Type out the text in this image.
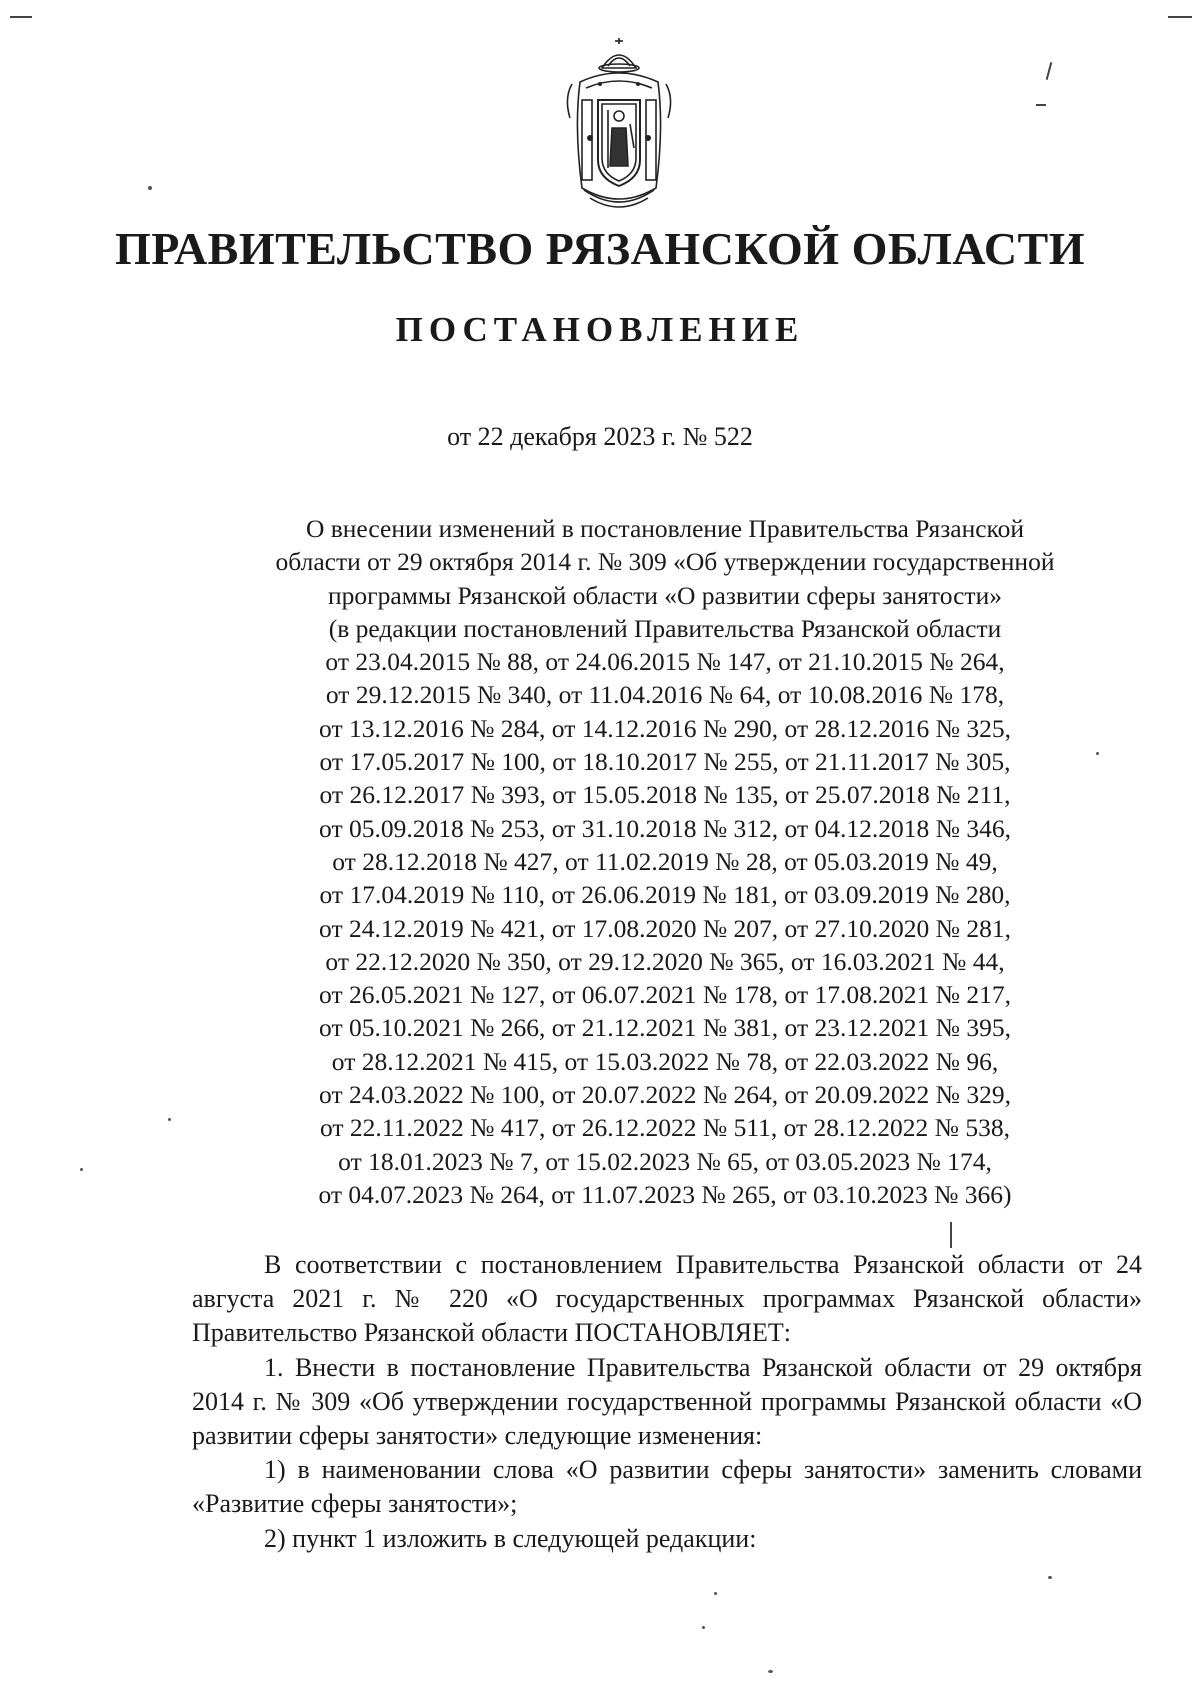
ПРАВИТЕЛЬСТВО РЯЗАНСКОЙ ОБЛАСТИ
ПОСТАНОВЛЕНИЕ
от 22 декабря 2023 г. № 522
О внесении изменений в постановление Правительства Рязанской
области от 29 октября 2014 г. № 309 «Об утверждении государственной
программы Рязанской области «О развитии сферы занятости»
(в редакции постановлений Правительства Рязанской области
от 23.04.2015 № 88, от 24.06.2015 № 147, от 21.10.2015 № 264,
от 29.12.2015 № 340, от 11.04.2016 № 64, от 10.08.2016 № 178,
от 13.12.2016 № 284, от 14.12.2016 № 290, от 28.12.2016 № 325,
от 17.05.2017 № 100, от 18.10.2017 № 255, от 21.11.2017 № 305,
от 26.12.2017 № 393, от 15.05.2018 № 135, от 25.07.2018 № 211,
от 05.09.2018 № 253, от 31.10.2018 № 312, от 04.12.2018 № 346,
от 28.12.2018 № 427, от 11.02.2019 № 28, от 05.03.2019 № 49,
от 17.04.2019 № 110, от 26.06.2019 № 181, от 03.09.2019 № 280,
от 24.12.2019 № 421, от 17.08.2020 № 207, от 27.10.2020 № 281,
от 22.12.2020 № 350, от 29.12.2020 № 365, от 16.03.2021 № 44,
от 26.05.2021 № 127, от 06.07.2021 № 178, от 17.08.2021 № 217,
от 05.10.2021 № 266, от 21.12.2021 № 381, от 23.12.2021 № 395,
от 28.12.2021 № 415, от 15.03.2022 № 78, от 22.03.2022 № 96,
от 24.03.2022 № 100, от 20.07.2022 № 264, от 20.09.2022 № 329,
от 22.11.2022 № 417, от 26.12.2022 № 511, от 28.12.2022 № 538,
от 18.01.2023 № 7, от 15.02.2023 № 65, от 03.05.2023 № 174,
от 04.07.2023 № 264, от 11.07.2023 № 265, от 03.10.2023 № 366)

В соответствии с постановлением Правительства Рязанской области от 24 августа 2021 г. № 220 «О государственных программах Рязанской области» Правительство Рязанской области ПОСТАНОВЛЯЕТ:

1. Внести в постановление Правительства Рязанской области от 29 октября 2014 г. № 309 «Об утверждении государственной программы Рязанской области «О развитии сферы занятости» следующие изменения:

1) в наименовании слова «О развитии сферы занятости» заменить словами «Развитие сферы занятости»;

2) пункт 1 изложить в следующей редакции:
